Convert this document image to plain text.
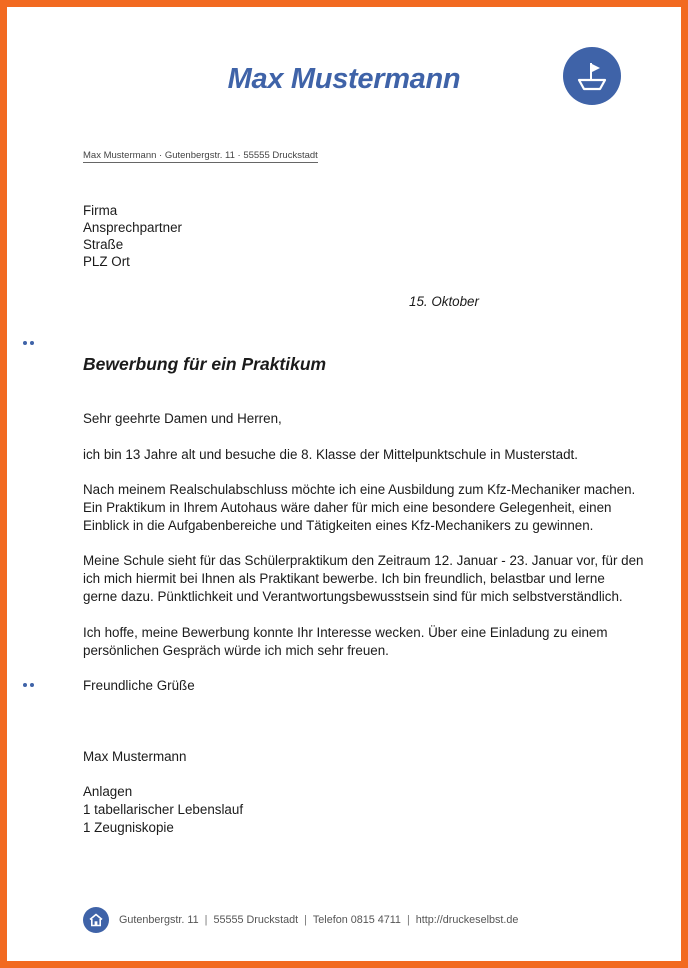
Max Mustermann
Max Mustermann · Gutenbergstr. 11 · 55555 Druckstadt
Firma
Ansprechpartner
Straße
PLZ Ort
15. Oktober
Bewerbung für ein Praktikum
Sehr geehrte Damen und Herren,
ich bin 13 Jahre alt und besuche die 8. Klasse der Mittelpunktschule in Musterstadt.
Nach meinem Realschulabschluss möchte ich eine Ausbildung zum Kfz-Mechaniker machen.
Ein Praktikum in Ihrem Autohaus wäre daher für mich eine besondere Gelegenheit, einen
Einblick in die Aufgabenbereiche und Tätigkeiten eines Kfz-Mechanikers zu gewinnen.
Meine Schule sieht für das Schülerpraktikum den Zeitraum 12. Januar - 23. Januar vor, für den
ich mich hiermit bei Ihnen als Praktikant bewerbe. Ich bin freundlich, belastbar und lerne
gerne dazu. Pünktlichkeit und Verantwortungsbewusstsein sind für mich selbstverständlich.
Ich hoffe, meine Bewerbung konnte Ihr Interesse wecken. Über eine Einladung zu einem
persönlichen Gespräch würde ich mich sehr freuen.
Freundliche Grüße
Max Mustermann
Anlagen
1 tabellarischer Lebenslauf
1 Zeugniskopie
Gutenbergstr. 11 | 55555 Druckstadt | Telefon 0815 4711 | http://druckeselbst.de
